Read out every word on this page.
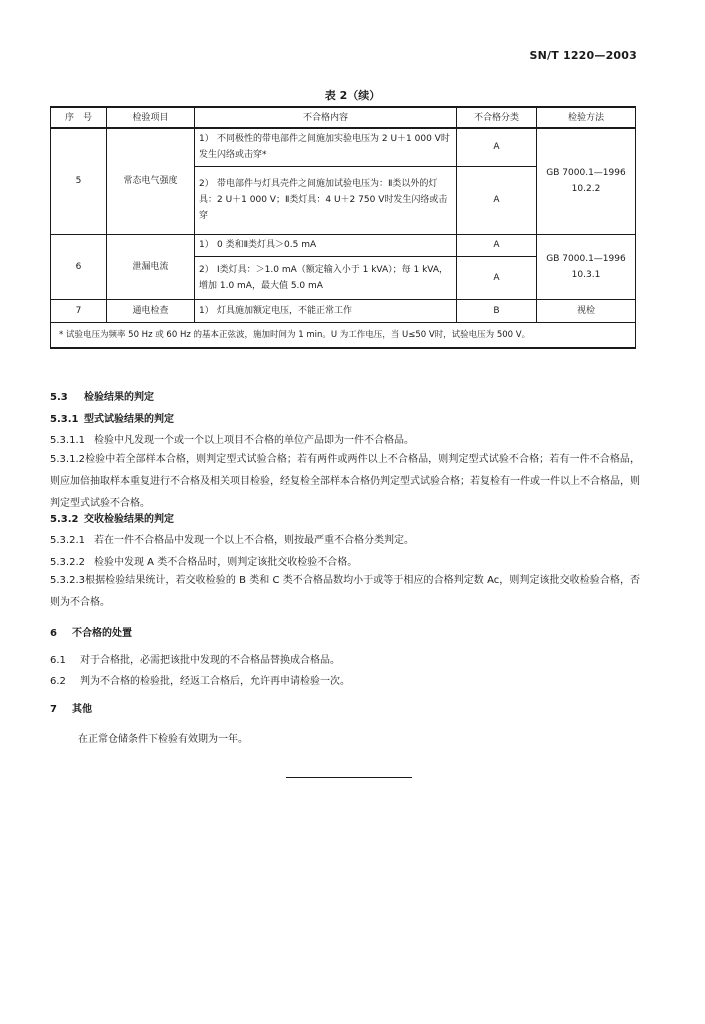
SN/T 1220—2003
表 2（续）
序　号	检验项目	不合格内容	不合格分类	检验方法
5	常态电气强度	1） 不同极性的带电部件之间施加实验电压为 2 U＋1 000 V时发生闪络或击穿*	A	GB 7000.1—1996 10.2.2
		2） 带电部件与灯具壳件之间施加试验电压为：Ⅱ类以外的灯具：2 U＋1 000 V；Ⅱ类灯具：4 U＋2 750 V时发生闪络或击穿	A	
6	泄漏电流	1） 0 类和Ⅱ类灯具＞0.5 mA	A	GB 7000.1—1996 10.3.1
		2） Ⅰ类灯具：＞1.0 mA（额定输入小于 1 kVA）；每 1 kVA，增加 1.0 mA，最大值 5.0 mA	A	
7	通电检查	1） 灯具施加额定电压，不能正常工作	B	视检
* 试验电压为频率 50 Hz 或 60 Hz 的基本正弦波，施加时间为 1 min。U 为工作电压，当 U≤50 V时，试验电压为 500 V。				
5.3 检验结果的判定
5.3.1 型式试验结果的判定
5.3.1.1 检验中凡发现一个或一个以上项目不合格的单位产品即为一件不合格品。
5.3.1.2检验中若全部样本合格，则判定型式试验合格；若有两件或两件以上不合格品，则判定型式试验不合格；若有一件不合格品，则应加倍抽取样本重复进行不合格及相关项目检验，经复检全部样本合格仍判定型式试验合格；若复检有一件或一件以上不合格品，则判定型式试验不合格。
5.3.2 交收检验结果的判定
5.3.2.1 若在一件不合格品中发现一个以上不合格，则按最严重不合格分类判定。
5.3.2.2 检验中发现 A 类不合格品时，则判定该批交收检验不合格。
5.3.2.3根据检验结果统计，若交收检验的 B 类和 C 类不合格品数均小于或等于相应的合格判定数 Ac，则判定该批交收检验合格，否则为不合格。
6 不合格的处置
6.1 对于合格批，必需把该批中发现的不合格品替换成合格品。
6.2 判为不合格的检验批，经返工合格后，允许再申请检验一次。
7 其他
在正常仓储条件下检验有效期为一年。
